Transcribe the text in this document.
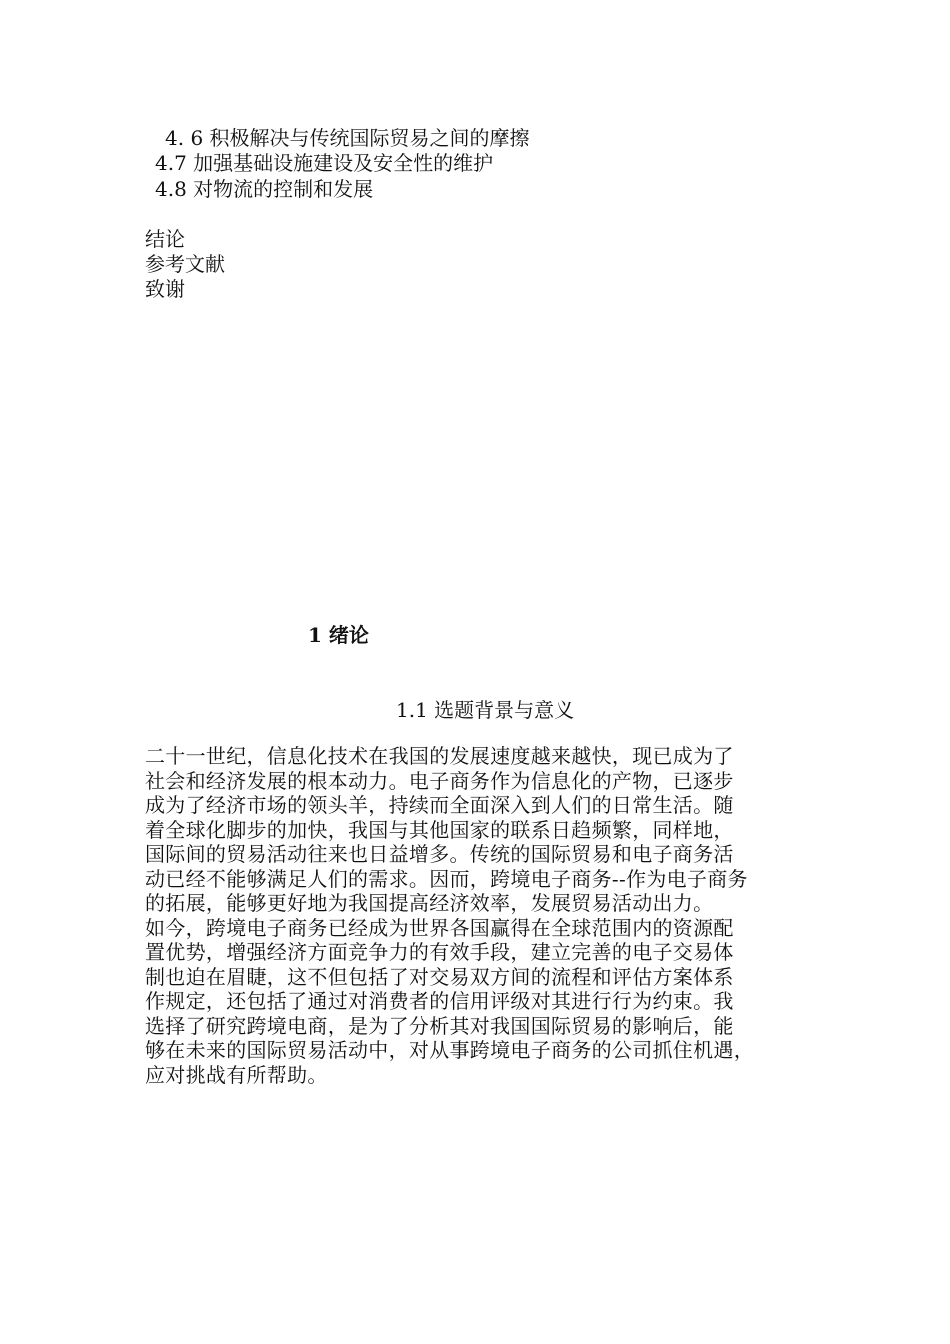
4. 6 积极解决与传统国际贸易之间的摩擦
4.7 加强基础设施建设及安全性的维护
4.8 对物流的控制和发展
结论
参考文献
致谢
1 绪论
1.1 选题背景与意义
二十一世纪，信息化技术在我国的发展速度越来越快，现已成为了
社会和经济发展的根本动力。电子商务作为信息化的产物，已逐步
成为了经济市场的领头羊，持续而全面深入到人们的日常生活。随
着全球化脚步的加快，我国与其他国家的联系日趋频繁，同样地，
国际间的贸易活动往来也日益增多。传统的国际贸易和电子商务活
动已经不能够满足人们的需求。因而，跨境电子商务--作为电子商务
的拓展，能够更好地为我国提高经济效率，发展贸易活动出力。
如今，跨境电子商务已经成为世界各国赢得在全球范围内的资源配
置优势，增强经济方面竞争力的有效手段，建立完善的电子交易体
制也迫在眉睫，这不但包括了对交易双方间的流程和评估方案体系
作规定，还包括了通过对消费者的信用评级对其进行行为约束。我
选择了研究跨境电商，是为了分析其对我国国际贸易的影响后，能
够在未来的国际贸易活动中，对从事跨境电子商务的公司抓住机遇，
应对挑战有所帮助。
